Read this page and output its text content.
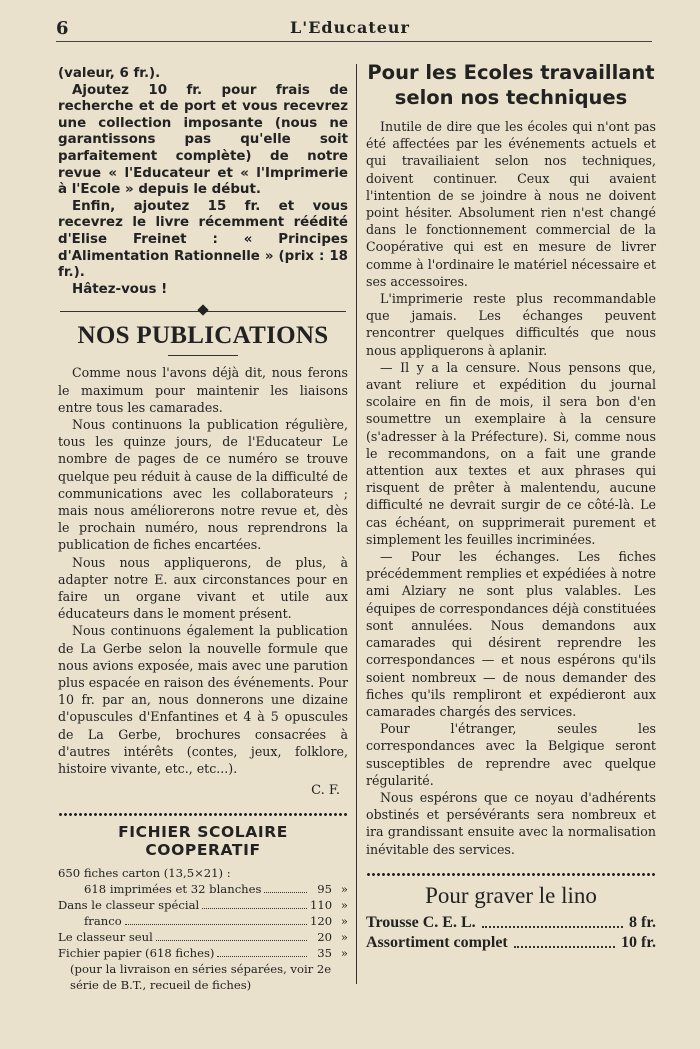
6	L'Educateur
(valeur, 6 fr.).
Ajoutez 10 fr. pour frais de recherche et de port et vous recevrez une collection imposante (nous ne garantissons pas qu'elle soit parfaitement complète) de notre revue « l'Educateur et « l'Imprimerie à l'Ecole » depuis le début.
Enfin, ajoutez 15 fr. et vous recevrez le livre récemment réédité d'Elise Freinet : « Principes d'Alimentation Rationnelle » (prix : 18 fr.).
Hâtez-vous !
NOS PUBLICATIONS

Comme nous l'avons déjà dit, nous ferons le maximum pour maintenir les liaisons entre tous les camarades.

Nous continuons la publication régulière, tous les quinze jours, de l'Educateur Le nombre de pages de ce numéro se trouve quelque peu réduit à cause de la difficulté de communications avec les collaborateurs ; mais nous améliorerons notre revue et, dès le prochain numéro, nous reprendrons la publication de fiches encartées.

Nous nous appliquerons, de plus, à adapter notre E. aux circonstances pour en faire un organe vivant et utile aux éducateurs dans le moment présent.

Nous continuons également la publication de La Gerbe selon la nouvelle formule que nous avions exposée, mais avec une parution plus espacée en raison des événements. Pour 10 fr. par an, nous donnerons une dizaine d'opuscules d'Enfantines et 4 à 5 opuscules de La Gerbe, brochures consacrées à d'autres intérêts (contes, jeux, folklore, histoire vivante, etc., etc...).

C. F.
FICHIER SCOLAIRE COOPERATIF
650 fiches carton (13,5×21) :
618 imprimées et 32 blanches	95 »
Dans le classeur spécial	110 »
franco	120 »
Le classeur seul	20 »
Fichier papier (618 fiches)	35 »
(pour la livraison en séries séparées, voir 2e série de B.T., recueil de fiches)
Pour les Ecoles travaillant selon nos techniques

Inutile de dire que les écoles qui n'ont pas été affectées par les événements actuels et qui travailiaient selon nos techniques, doivent continuer. Ceux qui avaient l'intention de se joindre à nous ne doivent point hésiter. Absolument rien n'est changé dans le fonctionnement commercial de la Coopérative qui est en mesure de livrer comme à l'ordinaire le matériel nécessaire et ses accessoires.

L'imprimerie reste plus recommandable que jamais. Les échanges peuvent rencontrer quelques difficultés que nous nous appliquerons à aplanir.

— Il y a la censure. Nous pensons que, avant reliure et expédition du journal scolaire en fin de mois, il sera bon d'en soumettre un exemplaire à la censure (s'adresser à la Préfecture). Si, comme nous le recommandons, on a fait une grande attention aux textes et aux phrases qui risquent de prêter à malentendu, aucune difficulté ne devrait surgir de ce côté-là. Le cas échéant, on supprimerait purement et simplement les feuilles incriminées.

— Pour les échanges. Les fiches précédemment remplies et expédiées à notre ami Alziary ne sont plus valables. Les équipes de correspondances déjà constituées sont annulées. Nous demandons aux camarades qui désirent reprendre les correspondances — et nous espérons qu'ils soient nombreux — de nous demander des fiches qu'ils rempliront et expédieront aux camarades chargés des services.

Pour l'étranger, seules les correspondances avec la Belgique seront susceptibles de reprendre avec quelque régularité.

Nous espérons que ce noyau d'adhérents obstinés et persévérants sera nombreux et ira grandissant ensuite avec la normalisation inévitable des services.

Pour graver le lino
Trousse C. E. L.	8 fr.
Assortiment complet	10 fr.
